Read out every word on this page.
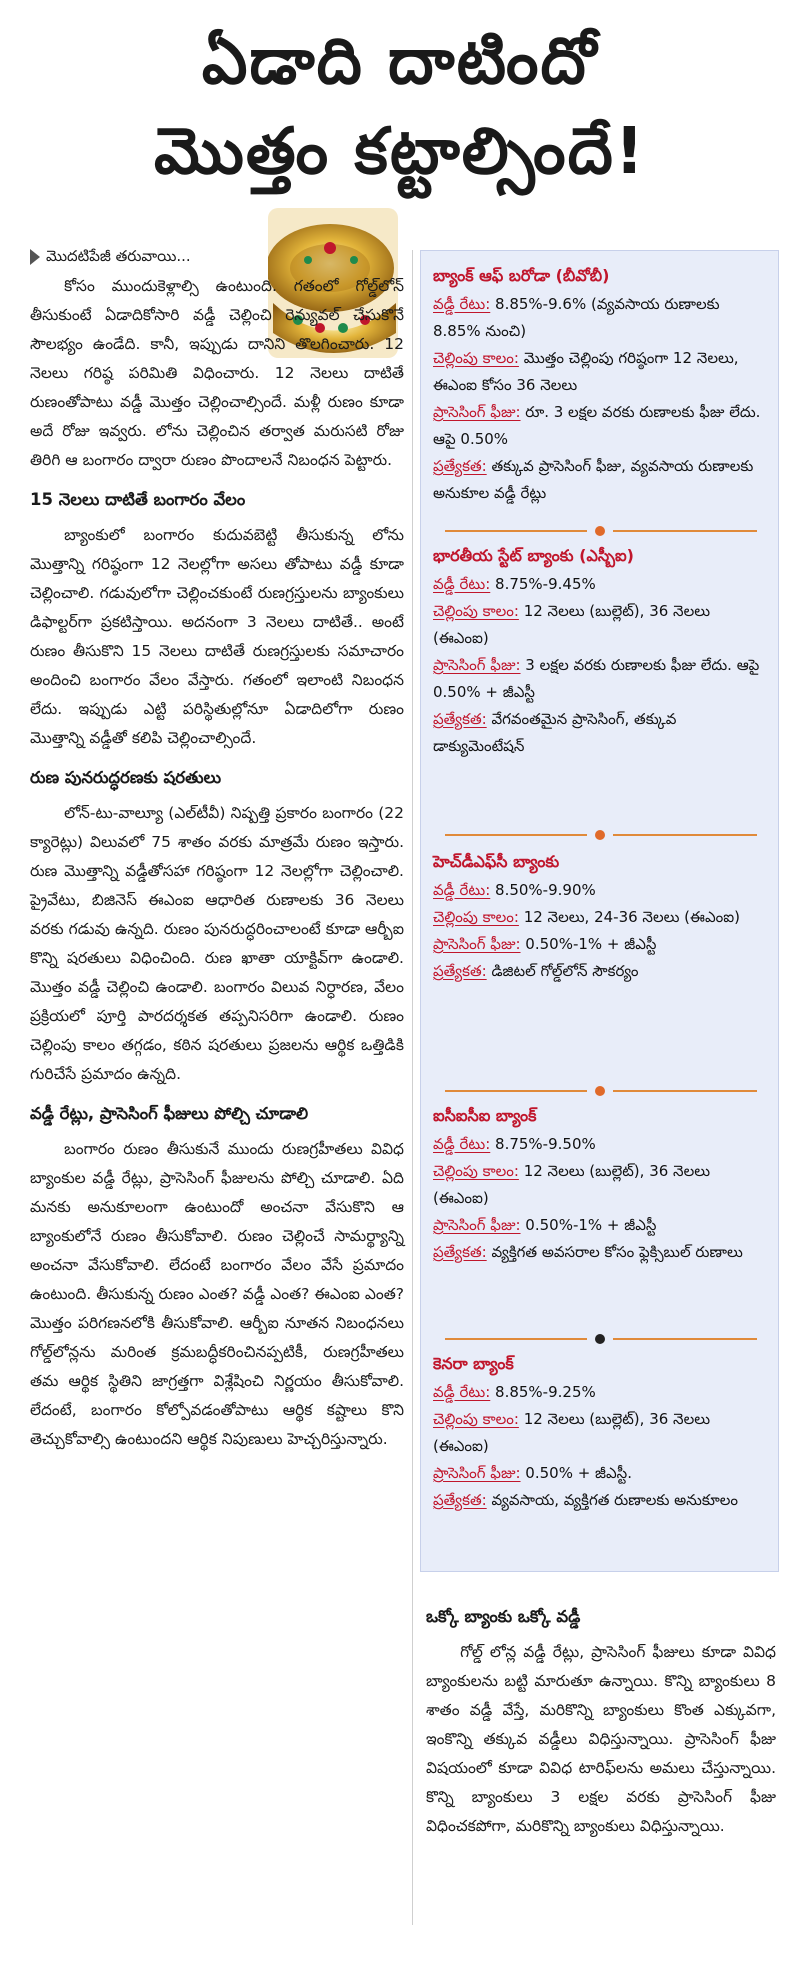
ఏడాది దాటిందో
మొత్తం కట్టాల్సిందే!

కోసం ముందుకెళ్లాల్సి ఉంటుంది. గతంలో గోల్డ్‌లోన్ తీసుకుంటే ఏడాదికోసారి వడ్డీ చెల్లించి రెన్యువల్ చేసుకొనే సౌలభ్యం ఉండేది. కానీ, ఇప్పుడు దానిని తొలగించారు. 12 నెలలు గరిష్ఠ పరిమితి విధించారు. 12 నెలలు దాటితే రుణంతోపాటు వడ్డీ మొత్తం చెల్లించాల్సిందే. మళ్లీ రుణం కూడా అదే రోజు ఇవ్వరు. లోను చెల్లించిన తర్వాత మరుసటి రోజు తిరిగి ఆ బంగారం ద్వారా రుణం పొందాలనే నిబంధన పెట్టారు.

15 నెలలు దాటితే బంగారం వేలం

బ్యాంకులో బంగారం కుదువబెట్టి తీసుకున్న లోను మొత్తాన్ని గరిష్ఠంగా 12 నెలల్లోగా అసలు తోపాటు వడ్డీ కూడా చెల్లించాలి. గడువులోగా చెల్లించకుంటే రుణగ్రస్తులను బ్యాంకులు డిఫాల్టర్‌గా ప్రకటిస్తాయి. అదనంగా 3 నెలలు దాటితే.. అంటే రుణం తీసుకొని 15 నెలలు దాటితే రుణగ్రస్తులకు సమాచారం అందించి బంగారం వేలం వేస్తారు. గతంలో ఇలాంటి నిబంధన లేదు. ఇప్పుడు ఎట్టి పరిస్థితుల్లోనూ ఏడాదిలోగా రుణం మొత్తాన్ని వడ్డీతో కలిపి చెల్లించాల్సిందే.

రుణ పునరుద్ధరణకు షరతులు

లోన్-టు-వాల్యూ (ఎల్‌టీవీ) నిష్పత్తి ప్రకారం బంగారం (22 క్యారెట్లు) విలువలో 75 శాతం వరకు మాత్రమే రుణం ఇస్తారు. రుణ మొత్తాన్ని వడ్డీతోసహా గరిష్ఠంగా 12 నెలల్లోగా చెల్లించాలి. ప్రైవేటు, బిజినెస్ ఈఎంఐ ఆధారిత రుణాలకు 36 నెలలు వరకు గడువు ఉన్నది. రుణం పునరుద్ధరించాలంటే కూడా ఆర్బీఐ కొన్ని షరతులు విధించింది. రుణ ఖాతా యాక్టివ్‌గా ఉండాలి. మొత్తం వడ్డీ చెల్లించి ఉండాలి. బంగారం విలువ నిర్ధారణ, వేలం ప్రక్రియలో పూర్తి పారదర్శకత తప్పనిసరిగా ఉండాలి. రుణం చెల్లింపు కాలం తగ్గడం, కఠిన షరతులు ప్రజలను ఆర్థిక ఒత్తిడికి గురిచేసే ప్రమాదం ఉన్నది.

వడ్డీ రేట్లు, ప్రాసెసింగ్ ఫీజులు పోల్చి చూడాలి

బంగారం రుణం తీసుకునే ముందు రుణగ్రహీతలు వివిధ బ్యాంకుల వడ్డీ రేట్లు, ప్రాసెసింగ్ ఫీజులను పోల్చి చూడాలి. ఏది మనకు అనుకూలంగా ఉంటుందో అంచనా వేసుకొని ఆ బ్యాంకులోనే రుణం తీసుకోవాలి. రుణం చెల్లించే సామర్థ్యాన్ని అంచనా వేసుకోవాలి. లేదంటే బంగారం వేలం వేసే ప్రమాదం ఉంటుంది. తీసుకున్న రుణం ఎంత? వడ్డీ ఎంత? ఈఎంఐ ఎంత? మొత్తం పరిగణనలోకి తీసుకోవాలి. ఆర్బీఐ నూతన నిబంధనలు గోల్డ్‌లోన్లను మరింత క్రమబద్ధీకరించినప్పటికీ, రుణగ్రహీతలు తమ ఆర్థిక స్థితిని జాగ్రత్తగా విశ్లేషించి నిర్ణయం తీసుకోవాలి. లేదంటే, బంగారం కోల్పోవడంతోపాటు ఆర్థిక కష్టాలు కొని తెచ్చుకోవాల్సి ఉంటుందని ఆర్థిక నిపుణులు హెచ్చరిస్తున్నారు.

మొదటిపేజీ తరువాయి...
బ్యాంక్ ఆఫ్ బరోడా (బీవోబీ)
వడ్డీ రేటు: 8.85%-9.6% (వ్యవసాయ రుణాలకు 8.85% నుంచి)
చెల్లింపు కాలం: మొత్తం చెల్లింపు గరిష్ఠంగా 12 నెలలు, ఈఎంఐ కోసం 36 నెలలు
ప్రాసెసింగ్ ఫీజు: రూ. 3 లక్షల వరకు రుణాలకు ఫీజు లేదు. ఆపై 0.50%
ప్రత్యేకత: తక్కువ ప్రాసెసింగ్ ఫీజు, వ్యవసాయ రుణాలకు అనుకూల వడ్డీ రేట్లు
భారతీయ స్టేట్ బ్యాంకు (ఎస్బీఐ)
వడ్డీ రేటు: 8.75%-9.45%
చెల్లింపు కాలం: 12 నెలలు (బుల్లెట్), 36 నెలలు (ఈఎంఐ)
ప్రాసెసింగ్ ఫీజు: 3 లక్షల వరకు రుణాలకు ఫీజు లేదు. ఆపై 0.50% + జీఎస్టీ
ప్రత్యేకత: వేగవంతమైన ప్రాసెసింగ్, తక్కువ డాక్యుమెంటేషన్
హెచ్‌డీఎఫ్‌సీ బ్యాంకు
వడ్డీ రేటు: 8.50%-9.90%
చెల్లింపు కాలం: 12 నెలలు, 24-36 నెలలు (ఈఎంఐ)
ప్రాసెసింగ్ ఫీజు: 0.50%-1% + జీఎస్టీ
ప్రత్యేకత: డిజిటల్ గోల్డ్‌లోన్ సౌకర్యం
ఐసీఐసీఐ బ్యాంక్
వడ్డీ రేటు: 8.75%-9.50%
చెల్లింపు కాలం: 12 నెలలు (బుల్లెట్), 36 నెలలు (ఈఎంఐ)
ప్రాసెసింగ్ ఫీజు: 0.50%-1% + జీఎస్టీ
ప్రత్యేకత: వ్యక్తిగత అవసరాల కోసం ఫ్లెక్సిబుల్ రుణాలు
కెనరా బ్యాంక్
వడ్డీ రేటు: 8.85%-9.25%
చెల్లింపు కాలం: 12 నెలలు (బుల్లెట్), 36 నెలలు (ఈఎంఐ)
ప్రాసెసింగ్ ఫీజు: 0.50% + జీఎస్టీ.
ప్రత్యేకత: వ్యవసాయ, వ్యక్తిగత రుణాలకు అనుకూలం

ఒక్కో బ్యాంకు ఒక్కో వడ్డీ

గోల్డ్ లోన్ల వడ్డీ రేట్లు, ప్రాసెసింగ్ ఫీజులు కూడా వివిధ బ్యాంకులను బట్టి మారుతూ ఉన్నాయి. కొన్ని బ్యాంకులు 8 శాతం వడ్డీ వేస్తే, మరికొన్ని బ్యాంకులు కొంత ఎక్కువగా, ఇంకొన్ని తక్కువ వడ్డీలు విధిస్తున్నాయి. ప్రాసెసింగ్ ఫీజు విషయంలో కూడా వివిధ టారిఫ్‌లను అమలు చేస్తున్నాయి. కొన్ని బ్యాంకులు 3 లక్షల వరకు ప్రాసెసింగ్ ఫీజు విధించకపోగా, మరికొన్ని బ్యాంకులు విధిస్తున్నాయి.
